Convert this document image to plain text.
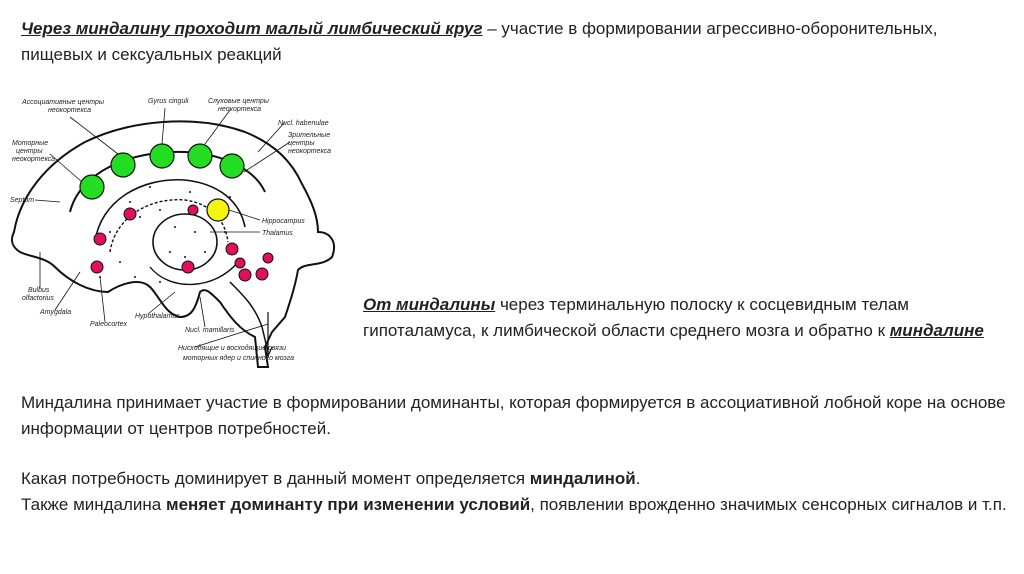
Через миндалину проходит малый лимбический круг – участие в формировании агрессивно-оборонительных, пищевых и сексуальных реакций

Ассоциативные центры
неокортекса
Gyrus cinguli	Слуховые центры
неокортекса
Nucl. habenulae
Зрительные
центры
неокортекса
Моторные
центры
неокортекса
Septum
Hippocampus
Thalamus
Bulbus
olfactorius
Amygdala
Paleocortex
Hypothalamus
Nucl. mamillaris
Нисходящие и восходящие связи
моторных ядер и спинного мозга

От миндалины через терминальную полоску к сосцевидным телам гипоталамуса, к лимбической области среднего мозга и обратно к миндалине

Миндалина принимает участие в формировании доминанты, которая формируется в ассоциативной лобной коре на основе информации от центров потребностей.

Какая потребность доминирует в данный момент определяется миндалиной.
Также миндалина меняет доминанту при изменении условий, появлении врожденно значимых сенсорных сигналов и т.п.
